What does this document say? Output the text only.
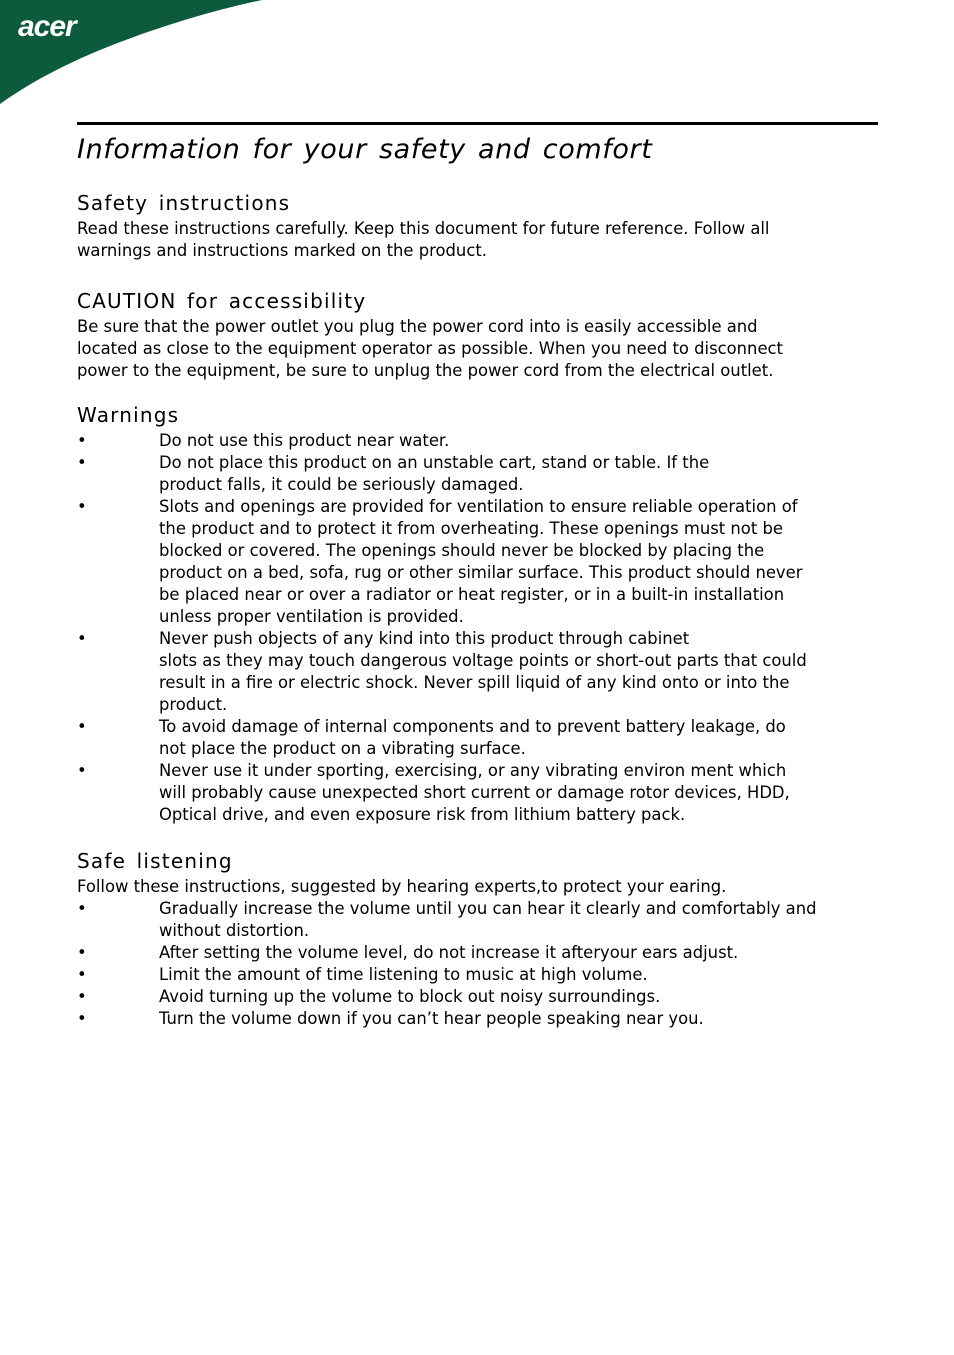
acer
Information for your safety and comfort
Safety instructions

Read these instructions carefully. Keep this document for future reference. Follow all

warnings and instructions marked on the product.

CAUTION for accessibility

Be sure that the power outlet you plug the power cord into is easily accessible and

located as close to the equipment operator as possible. When you need to disconnect

power to the equipment, be sure to unplug the power cord from the electrical outlet.

Warnings
•	Do not use this product near water.
•	Do not place this product on an unstable cart, stand or table. If the
product falls, it could be seriously damaged.
•	Slots and openings are provided for ventilation to ensure reliable operation of
the product and to protect it from overheating. These openings must not be
blocked or covered. The openings should never be blocked by placing the
product on a bed, sofa, rug or other similar surface. This product should never
be placed near or over a radiator or heat register, or in a built-in installation
unless proper ventilation is provided.
•	Never push objects of any kind into this product through cabinet
slots as they may touch dangerous voltage points or short-out parts that could
result in a fire or electric shock. Never spill liquid of any kind onto or into the
product.
•	To avoid damage of internal components and to prevent battery leakage, do
not place the product on a vibrating surface.
•	Never use it under sporting, exercising, or any vibrating environ ment which
will probably cause unexpected short current or damage rotor devices, HDD,
Optical drive, and even exposure risk from lithium battery pack.
Safe listening

Follow these instructions, suggested by hearing experts,to protect your earing.

•	Gradually increase the volume until you can hear it clearly and comfortably and
without distortion.
•	After setting the volume level, do not increase it afteryour ears adjust.
•	Limit the amount of time listening to music at high volume.
•	Avoid turning up the volume to block out noisy surroundings.
•	Turn the volume down if you can’t hear people speaking near you.
